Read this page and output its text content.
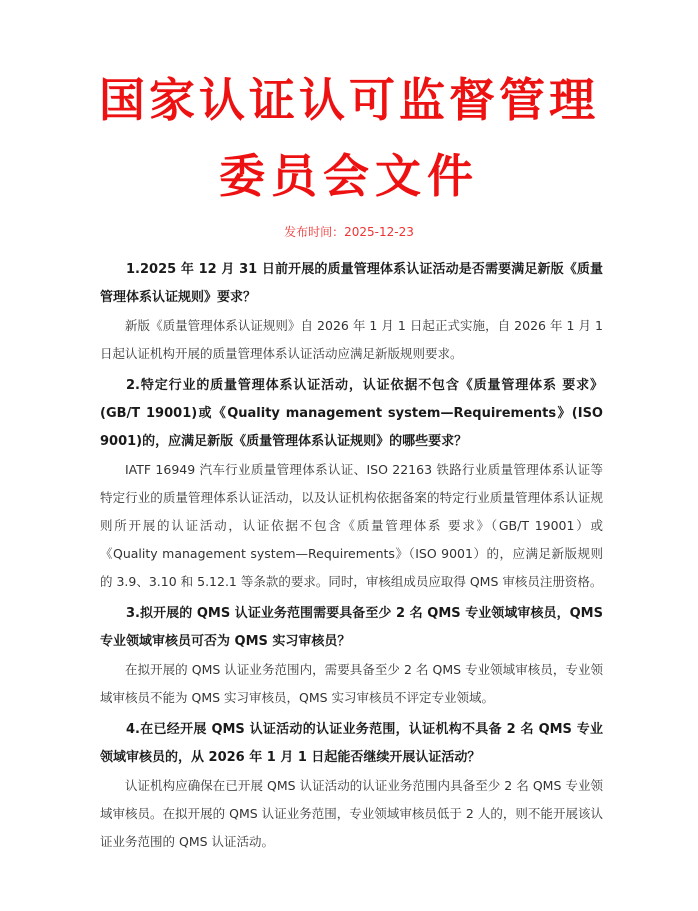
国家认证认可监督管理
委员会文件
发布时间：2025-12-23

1.2025 年 12 月 31 日前开展的质量管理体系认证活动是否需要满足新版《质量管理体系认证规则》要求？

新版《质量管理体系认证规则》自 2026 年 1 月 1 日起正式实施，自 2026 年 1 月 1 日起认证机构开展的质量管理体系认证活动应满足新版规则要求。

2.特定行业的质量管理体系认证活动，认证依据不包含《质量管理体系 要求》(GB/T 19001)或《Quality management system—Requirements》(ISO 9001)的，应满足新版《质量管理体系认证规则》的哪些要求？

IATF 16949 汽车行业质量管理体系认证、ISO 22163 铁路行业质量管理体系认证等特定行业的质量管理体系认证活动，以及认证机构依据备案的特定行业质量管理体系认证规则所开展的认证活动，认证依据不包含《质量管理体系 要求》（GB/T 19001）或《Quality management system—Requirements》（ISO 9001）的，应满足新版规则的 3.9、3.10 和 5.12.1 等条款的要求。同时，审核组成员应取得 QMS 审核员注册资格。

3.拟开展的 QMS 认证业务范围需要具备至少 2 名 QMS 专业领域审核员，QMS 专业领域审核员可否为 QMS 实习审核员？

在拟开展的 QMS 认证业务范围内，需要具备至少 2 名 QMS 专业领域审核员，专业领域审核员不能为 QMS 实习审核员，QMS 实习审核员不评定专业领域。

4.在已经开展 QMS 认证活动的认证业务范围，认证机构不具备 2 名 QMS 专业领域审核员的，从 2026 年 1 月 1 日起能否继续开展认证活动？

认证机构应确保在已开展 QMS 认证活动的认证业务范围内具备至少 2 名 QMS 专业领域审核员。在拟开展的 QMS 认证业务范围，专业领域审核员低于 2 人的，则不能开展该认证业务范围的 QMS 认证活动。
